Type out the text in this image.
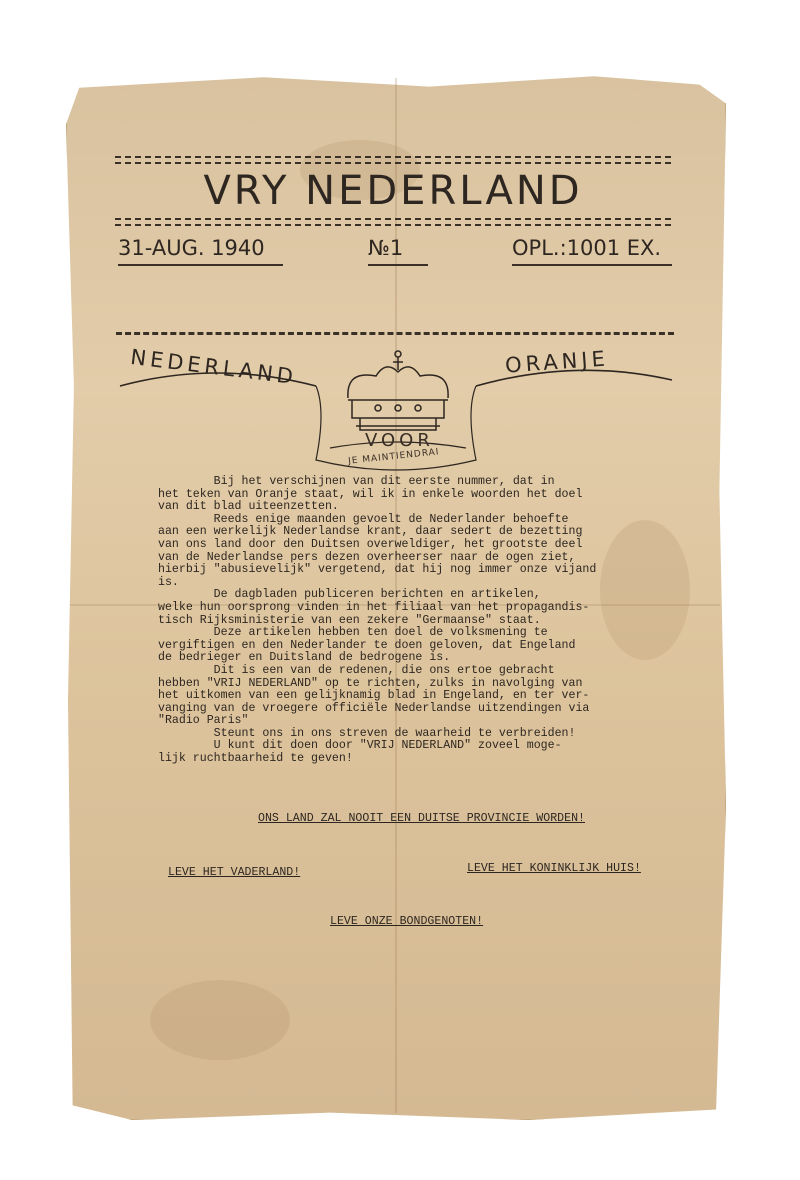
VRY NEDERLAND
31-AUG. 1940	№1	OPL.:1001 EX.
NEDERLAND	ORANJE
VOOR
JE MAINTIENDRAI

Bij het verschijnen van dit eerste nummer, dat in

het teken van Oranje staat, wil ik in enkele woorden het doel

van dit blad uiteenzetten.

Reeds enige maanden gevoelt de Nederlander behoefte

aan een werkelijk Nederlandse krant, daar sedert de bezetting

van ons land door den Duitsen overweldiger, het grootste deel

van de Nederlandse pers dezen overheerser naar de ogen ziet,

hierbij "abusievelijk" vergetend, dat hij nog immer onze vijand

is.

De dagbladen publiceren berichten en artikelen,

welke hun oorsprong vinden in het filiaal van het propagandis-

tisch Rijksministerie van een zekere "Germaanse" staat.

Deze artikelen hebben ten doel de volksmening te

vergiftigen en den Nederlander te doen geloven, dat Engeland

de bedrieger en Duitsland de bedrogene is.

Dit is een van de redenen, die ons ertoe gebracht

hebben "VRIJ NEDERLAND" op te richten, zulks in navolging van

het uitkomen van een gelijknamig blad in Engeland, en ter ver-

vanging van de vroegere officiële Nederlandse uitzendingen via

"Radio Paris"

Steunt ons in ons streven de waarheid te verbreiden!

U kunt dit doen door "VRIJ NEDERLAND" zoveel moge-

lijk ruchtbaarheid te geven!

ONS LAND ZAL NOOIT EEN DUITSE PROVINCIE WORDEN!
LEVE HET VADERLAND!	LEVE HET KONINKLIJK HUIS!
LEVE ONZE BONDGENOTEN!
